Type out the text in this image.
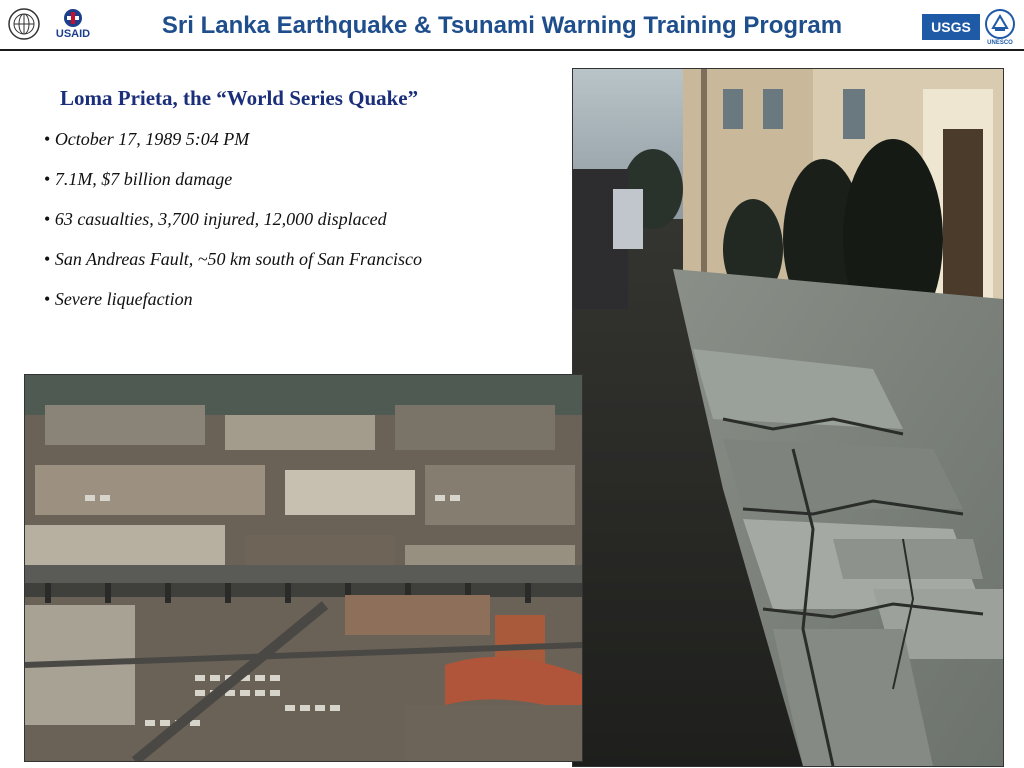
USAID	Sri Lanka Earthquake & Tsunami Warning Training Program	USGS
UNESCO
Loma Prieta, the “World Series Quake”
• October 17, 1989 5:04 PM
• 7.1M, $7 billion damage
• 63 casualties, 3,700 injured, 12,000 displaced
• San Andreas Fault, ~50 km south of San Francisco
• Severe liquefaction
